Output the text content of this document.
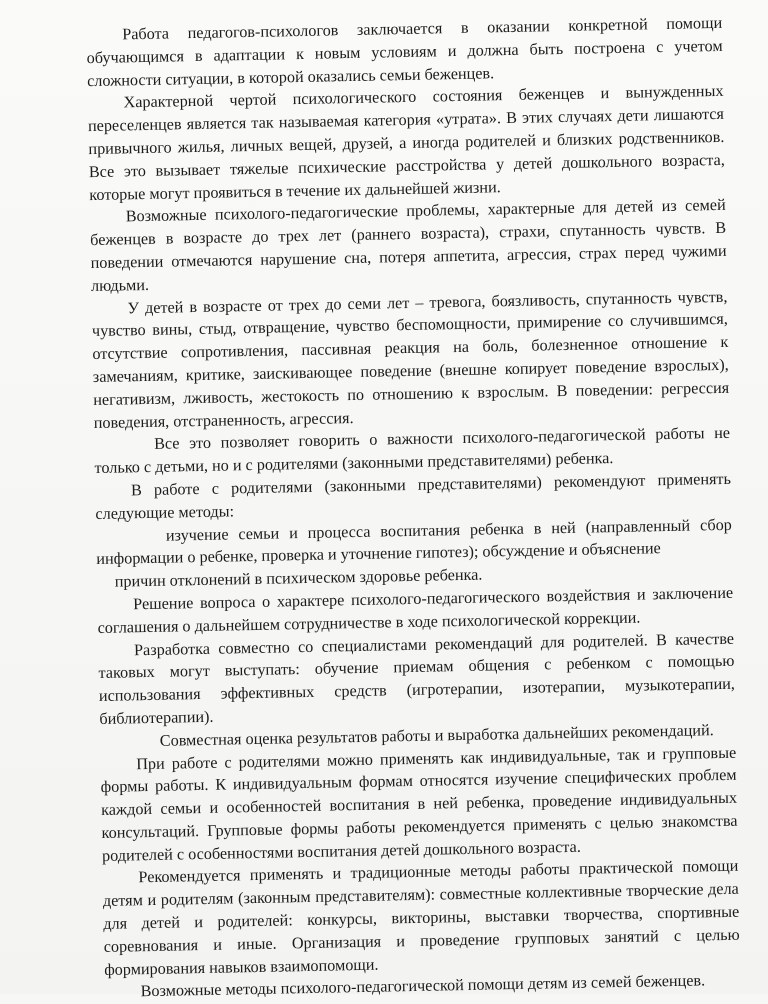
Работа педагогов-психологов заключается в оказании конкретной помощи обучающимся в адаптации к новым условиям и должна быть построена с учетом сложности ситуации, в которой оказались семьи беженцев.

Характерной чертой психологического состояния беженцев и вынужденных переселенцев является так называемая категория «утрата». В этих случаях дети лишаются привычного жилья, личных вещей, друзей, а иногда родителей и близких родственников. Все это вызывает тяжелые психические расстройства у детей дошкольного возраста, которые могут проявиться в течение их дальнейшей жизни.

Возможные психолого-педагогические проблемы, характерные для детей из семей беженцев в возрасте до трех лет (раннего возраста), страхи, спутанность чувств. В поведении отмечаются нарушение сна, потеря аппетита, агрессия, страх перед чужими людьми.

У детей в возрасте от трех до семи лет – тревога, боязливость, спутанность чувств, чувство вины, стыд, отвращение, чувство беспомощности, примирение со случившимся, отсутствие сопротивления, пассивная реакция на боль, болезненное отношение к замечаниям, критике, заискивающее поведение (внешне копирует поведение взрослых), негативизм, лживость, жестокость по отношению к взрослым. В поведении: регрессия поведения, отстраненность, агрессия.

Все это позволяет говорить о важности психолого-педагогической работы не только с детьми, но и с родителями (законными представителями) ребенка.

В работе с родителями (законными представителями) рекомендуют применять следующие методы:

изучение семьи и процесса воспитания ребенка в ней (направленный сбор информации о ребенке, проверка и уточнение гипотез); обсуждение и объяснение

причин отклонений в психическом здоровье ребенка.

Решение вопроса о характере психолого-педагогического воздействия и заключение соглашения о дальнейшем сотрудничестве в ходе психологической коррекции.

Разработка совместно со специалистами рекомендаций для родителей. В качестве таковых могут выступать: обучение приемам общения с ребенком с помощью использования эффективных средств (игротерапии, изотерапии, музыкотерапии, библиотерапии).

Совместная оценка результатов работы и выработка дальнейших рекомендаций.

При работе с родителями можно применять как индивидуальные, так и групповые формы работы. К индивидуальным формам относятся изучение специфических проблем каждой семьи и особенностей воспитания в ней ребенка, проведение индивидуальных консультаций. Групповые формы работы рекомендуется применять с целью знакомства родителей с особенностями воспитания детей дошкольного возраста.

Рекомендуется применять и традиционные методы работы практической помощи детям и родителям (законным представителям): совместные коллективные творческие дела для детей и родителей: конкурсы, викторины, выставки творчества, спортивные соревнования и иные. Организация и проведение групповых занятий с целью формирования навыков взаимопомощи.

Возможные методы психолого-педагогической помощи детям из семей беженцев.
